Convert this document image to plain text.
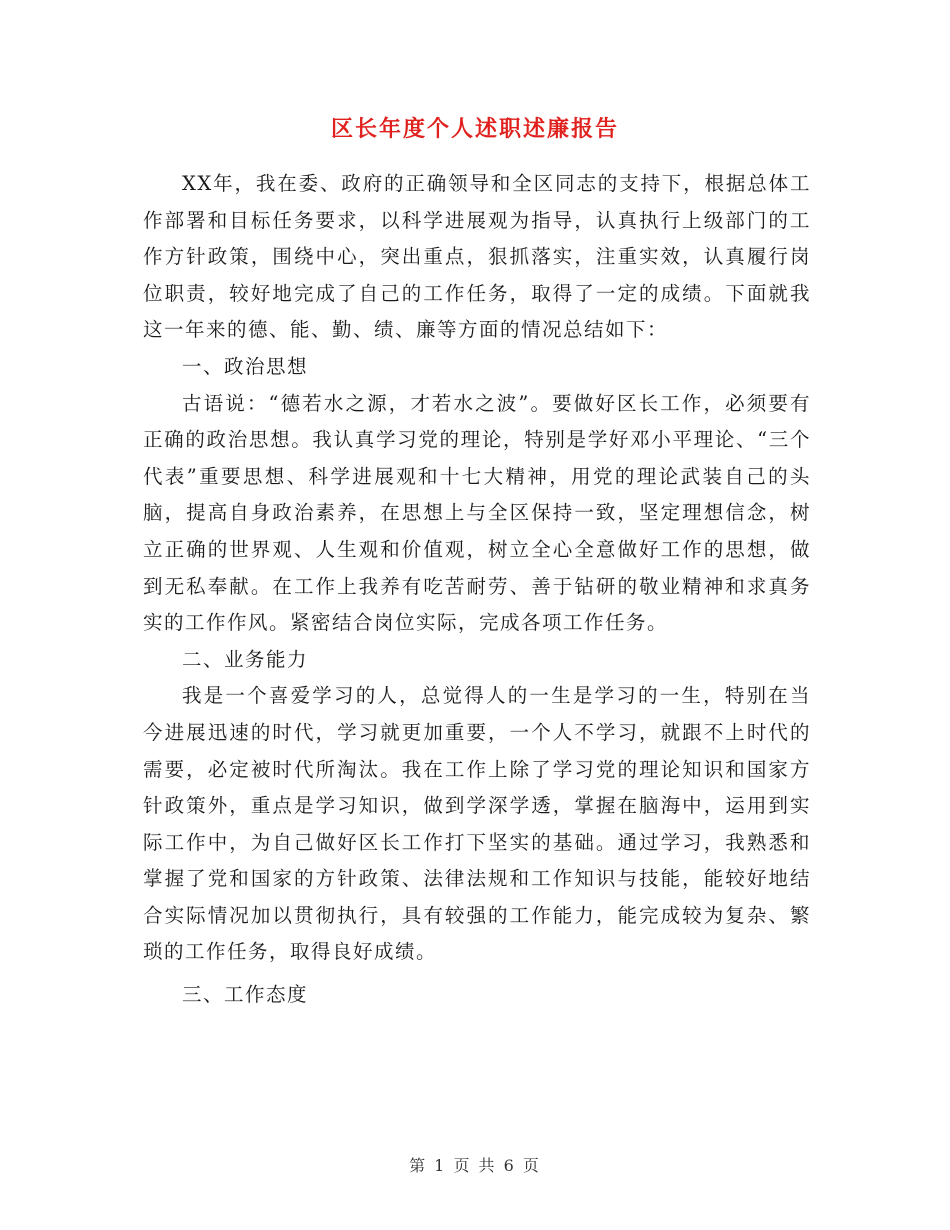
区长年度个人述职述廉报告

XX年，我在委、政府的正确领导和全区同志的支持下，根据总体工作部署和目标任务要求，以科学进展观为指导，认真执行上级部门的工作方针政策，围绕中心，突出重点，狠抓落实，注重实效，认真履行岗位职责，较好地完成了自己的工作任务，取得了一定的成绩。下面就我这一年来的德、能、勤、绩、廉等方面的情况总结如下：

一、政治思想

古语说：“德若水之源，才若水之波”。要做好区长工作，必须要有正确的政治思想。我认真学习党的理论，特别是学好邓小平理论、“三个代表”重要思想、科学进展观和十七大精神，用党的理论武装自己的头脑，提高自身政治素养，在思想上与全区保持一致，坚定理想信念，树立正确的世界观、人生观和价值观，树立全心全意做好工作的思想，做到无私奉献。在工作上我养有吃苦耐劳、善于钻研的敬业精神和求真务实的工作作风。紧密结合岗位实际，完成各项工作任务。

二、业务能力

我是一个喜爱学习的人，总觉得人的一生是学习的一生，特别在当今进展迅速的时代，学习就更加重要，一个人不学习，就跟不上时代的需要，必定被时代所淘汰。我在工作上除了学习党的理论知识和国家方针政策外，重点是学习知识，做到学深学透，掌握在脑海中，运用到实际工作中，为自己做好区长工作打下坚实的基础。通过学习，我熟悉和掌握了党和国家的方针政策、法律法规和工作知识与技能，能较好地结合实际情况加以贯彻执行，具有较强的工作能力，能完成较为复杂、繁琐的工作任务，取得良好成绩。

三、工作态度

第 1 页 共 6 页
